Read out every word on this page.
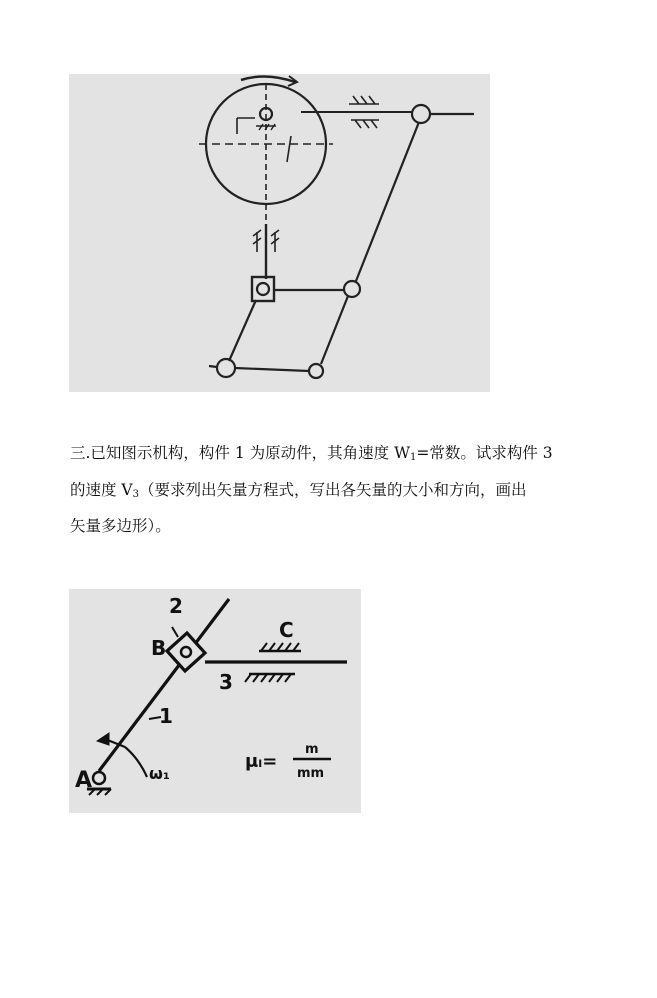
三.已知图示机构，构件 1 为原动件，其角速度 $W_1=$常数。试求构件 3
的速度 $V_3$（要求列出矢量方程式，写出各矢量的大小和方向，画出
矢量多边形）。
2
B
C
3
1
A	ω₁
μₗ=
m
mm
